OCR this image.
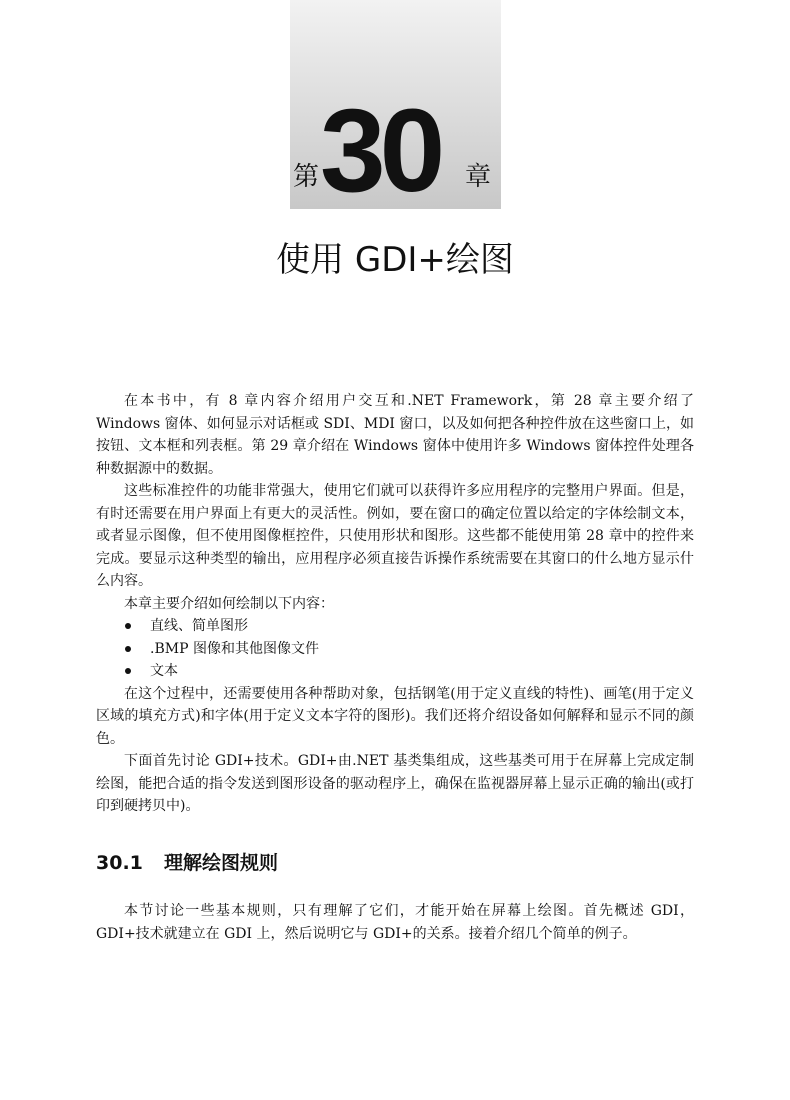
第 30 章
使用 GDI+绘图

在本书中，有 8 章内容介绍用户交互和.NET Framework，第 28 章主要介绍了 Windows 窗体、如何显示对话框或 SDI、MDI 窗口，以及如何把各种控件放在这些窗口上，如按钮、文本框和列表框。第 29 章介绍在 Windows 窗体中使用许多 Windows 窗体控件处理各种数据源中的数据。

这些标准控件的功能非常强大，使用它们就可以获得许多应用程序的完整用户界面。但是，有时还需要在用户界面上有更大的灵活性。例如，要在窗口的确定位置以给定的字体绘制文本，或者显示图像，但不使用图像框控件，只使用形状和图形。这些都不能使用第 28 章中的控件来完成。要显示这种类型的输出，应用程序必须直接告诉操作系统需要在其窗口的什么地方显示什么内容。

本章主要介绍如何绘制以下内容：

直线、简单图形
.BMP 图像和其他图像文件
文本

在这个过程中，还需要使用各种帮助对象，包括钢笔(用于定义直线的特性)、画笔(用于定义区域的填充方式)和字体(用于定义文本字符的图形)。我们还将介绍设备如何解释和显示不同的颜色。

下面首先讨论 GDI+技术。GDI+由.NET 基类集组成，这些基类可用于在屏幕上完成定制绘图，能把合适的指令发送到图形设备的驱动程序上，确保在监视器屏幕上显示正确的输出(或打印到硬拷贝中)。

30.1 理解绘图规则

本节讨论一些基本规则，只有理解了它们，才能开始在屏幕上绘图。首先概述 GDI，GDI+技术就建立在 GDI 上，然后说明它与 GDI+的关系。接着介绍几个简单的例子。
